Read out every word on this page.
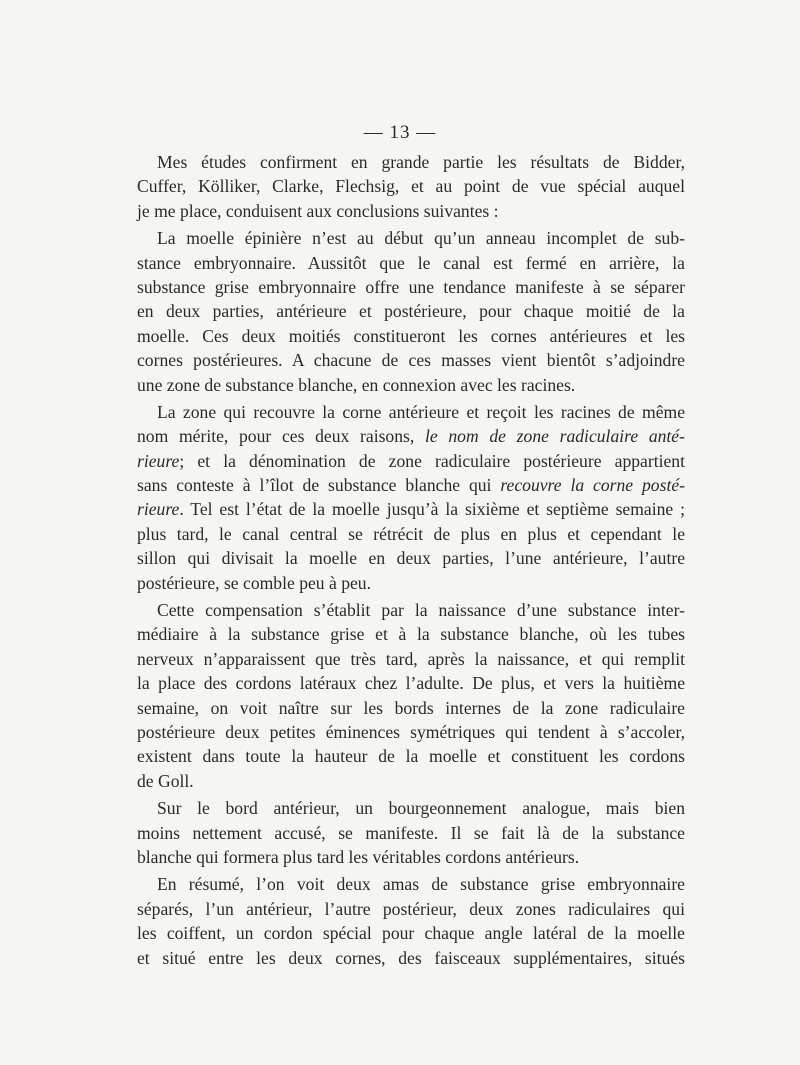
— 13 —
Mes études confirment en grande partie les résultats de Bidder,
Cuffer, Kölliker, Clarke, Flechsig, et au point de vue spécial auquel
je me place, conduisent aux conclusions suivantes :
La moelle épinière n’est au début qu’un anneau incomplet de sub-
stance embryonnaire. Aussitôt que le canal est fermé en arrière, la
substance grise embryonnaire offre une tendance manifeste à se séparer
en deux parties, antérieure et postérieure, pour chaque moitié de la
moelle. Ces deux moitiés constitueront les cornes antérieures et les
cornes postérieures. A chacune de ces masses vient bientôt s’adjoindre
une zone de substance blanche, en connexion avec les racines.
La zone qui recouvre la corne antérieure et reçoit les racines de même
nom mérite, pour ces deux raisons, le nom de zone radiculaire anté-
rieure; et la dénomination de zone radiculaire postérieure appartient
sans conteste à l’îlot de substance blanche qui recouvre la corne posté-
rieure. Tel est l’état de la moelle jusqu’à la sixième et septième semaine ;
plus tard, le canal central se rétrécit de plus en plus et cependant le
sillon qui divisait la moelle en deux parties, l’une antérieure, l’autre
postérieure, se comble peu à peu.
Cette compensation s’établit par la naissance d’une substance inter-
médiaire à la substance grise et à la substance blanche, où les tubes
nerveux n’apparaissent que très tard, après la naissance, et qui remplit
la place des cordons latéraux chez l’adulte. De plus, et vers la huitième
semaine, on voit naître sur les bords internes de la zone radiculaire
postérieure deux petites éminences symétriques qui tendent à s’accoler,
existent dans toute la hauteur de la moelle et constituent les cordons
de Goll.
Sur le bord antérieur, un bourgeonnement analogue, mais bien
moins nettement accusé, se manifeste. Il se fait là de la substance
blanche qui formera plus tard les véritables cordons antérieurs.
En résumé, l’on voit deux amas de substance grise embryonnaire
séparés, l’un antérieur, l’autre postérieur, deux zones radiculaires qui
les coiffent, un cordon spécial pour chaque angle latéral de la moelle
et situé entre les deux cornes, des faisceaux supplémentaires, situés
